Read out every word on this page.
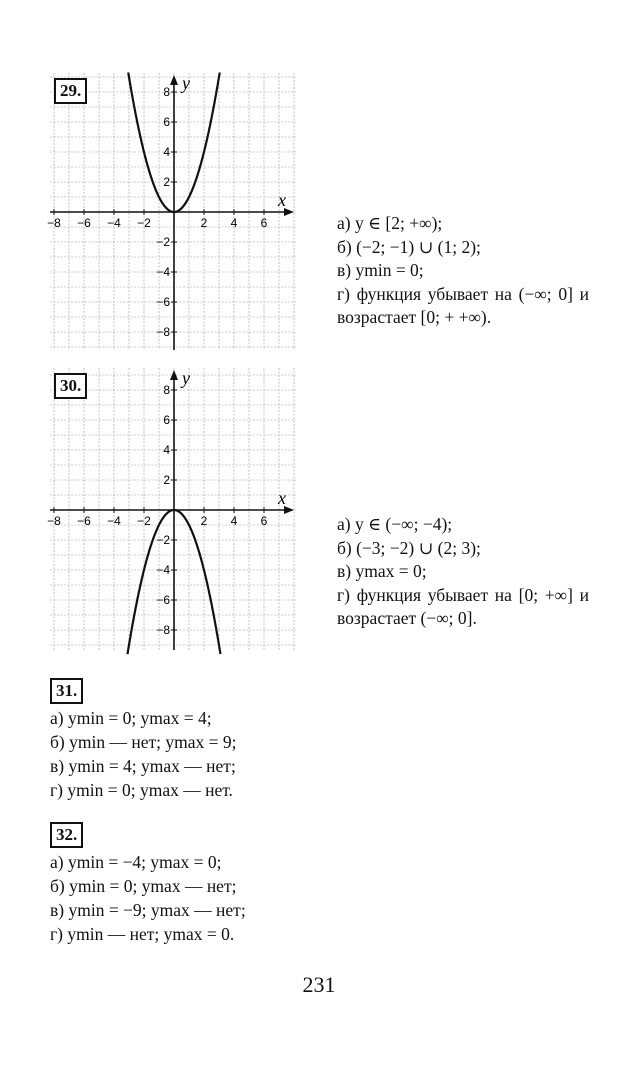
x
y
−8 −6 −4 −2	2 4 6
8
6
4
2
−2
−4
−6
−8
29.
а) y ∈ [2; +∞);
б) (−2; −1) ∪ (1; 2);
в) ymin = 0;
г) функция убывает на (−∞; 0] и возрастает [0; + +∞).
x
y
−8 −6 −4 −2	2 4 6
8
6
4
2
−2
−4
−6
−8
30.
а) y ∈ (−∞; −4);
б) (−3; −2) ∪ (2; 3);
в) ymax = 0;
г) функция убывает на [0; +∞] и возрастает (−∞; 0].
31.
а) ymin = 0; ymax = 4;
б) ymin — нет; ymax = 9;
в) ymin = 4; ymax — нет;
г) ymin = 0; ymax — нет.
32.
а) ymin = −4; ymax = 0;
б) ymin = 0; ymax — нет;
в) ymin = −9; ymax — нет;
г) ymin — нет; ymax = 0.
231
